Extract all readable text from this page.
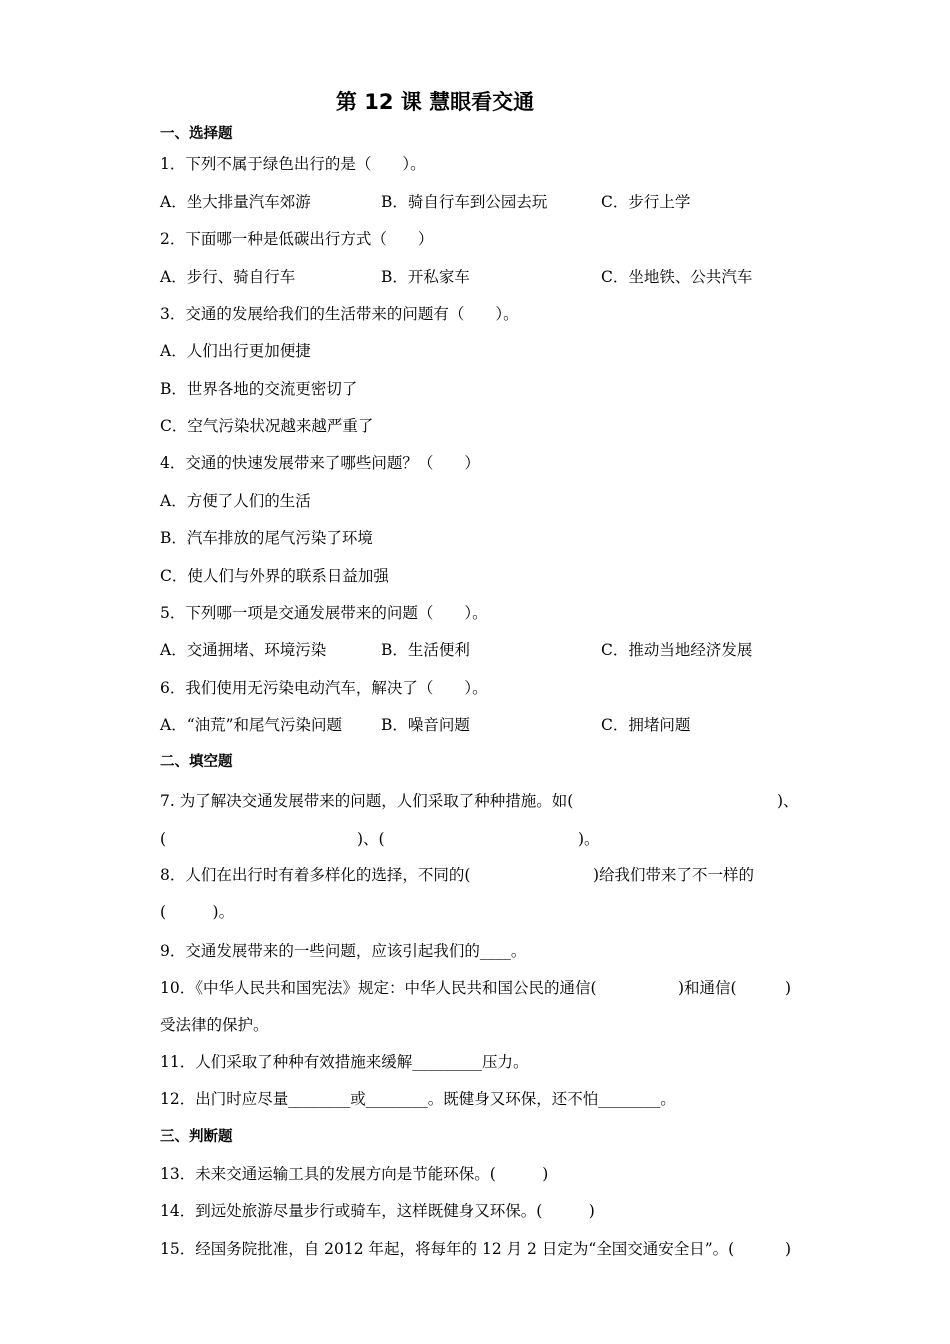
第 12 课 慧眼看交通
一、选择题
1．下列不属于绿色出行的是（　　）。
A．坐大排量汽车郊游	B．骑自行车到公园去玩	C．步行上学
2．下面哪一种是低碳出行方式（　　）
A．步行、骑自行车	B．开私家车	C．坐地铁、公共汽车
3．交通的发展给我们的生活带来的问题有（　　）。
A．人们出行更加便捷
B．世界各地的交流更密切了
C．空气污染状况越来越严重了
4．交通的快速发展带来了哪些问题？（　　）
A．方便了人们的生活
B．汽车排放的尾气污染了环境
C．使人们与外界的联系日益加强
5．下列哪一项是交通发展带来的问题（　　）。
A．交通拥堵、环境污染	B．生活便利	C．推动当地经济发展
6．我们使用无污染电动汽车，解决了（　　）。
A．“油荒”和尾气污染问题	B．噪音问题	C．拥堵问题
二、填空题
7. 为了解决交通发展带来的问题，人们采取了种种措施。如(	)、
(	)、(	)。
8．人们在出行时有着多样化的选择，不同的(	)给我们带来了不一样的
(　　　)。
9．交通发展带来的一些问题，应该引起我们的____。
10．《中华人民共和国宪法》规定：中华人民共和国公民的通信(	)和通信(	)
受法律的保护。
11．人们采取了种种有效措施来缓解_________压力。
12．出门时应尽量________或________。既健身又环保，还不怕________。
三、判断题
13．未来交通运输工具的发展方向是节能环保。(　　　)
14．到远处旅游尽量步行或骑车，这样既健身又环保。(　　　)
15．经国务院批准，自 2012 年起，将每年的 12 月 2 日定为“全国交通安全日”。(	)
